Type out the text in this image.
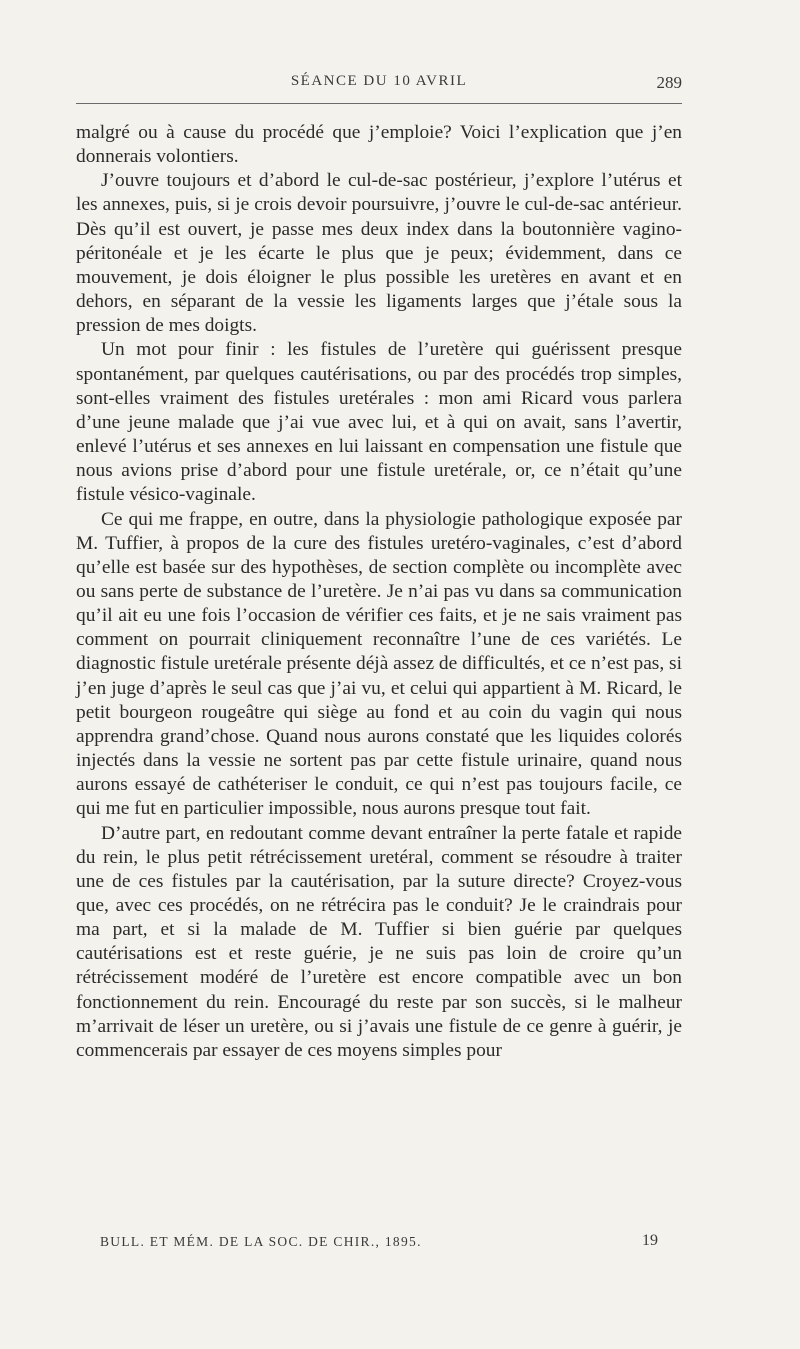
SÉANCE DU 10 AVRIL	289

malgré ou à cause du procédé que j’emploie? Voici l’explication que j’en donnerais volontiers.

J’ouvre toujours et d’abord le cul-de-sac postérieur, j’explore l’utérus et les annexes, puis, si je crois devoir poursuivre, j’ouvre le cul-de-sac antérieur. Dès qu’il est ouvert, je passe mes deux index dans la boutonnière vagino-péritonéale et je les écarte le plus que je peux; évidemment, dans ce mouvement, je dois éloigner le plus possible les uretères en avant et en dehors, en séparant de la vessie les ligaments larges que j’étale sous la pression de mes doigts.

Un mot pour finir : les fistules de l’uretère qui guérissent presque spontanément, par quelques cautérisations, ou par des procédés trop simples, sont-elles vraiment des fistules uretérales : mon ami Ricard vous parlera d’une jeune malade que j’ai vue avec lui, et à qui on avait, sans l’avertir, enlevé l’utérus et ses annexes en lui laissant en compensation une fistule que nous avions prise d’abord pour une fistule uretérale, or, ce n’était qu’une fistule vésico-vaginale.

Ce qui me frappe, en outre, dans la physiologie pathologique exposée par M. Tuffier, à propos de la cure des fistules uretéro-vaginales, c’est d’abord qu’elle est basée sur des hypothèses, de section complète ou incomplète avec ou sans perte de substance de l’uretère. Je n’ai pas vu dans sa communication qu’il ait eu une fois l’occasion de vérifier ces faits, et je ne sais vraiment pas comment on pourrait cliniquement reconnaître l’une de ces variétés. Le diagnostic fistule uretérale présente déjà assez de difficultés, et ce n’est pas, si j’en juge d’après le seul cas que j’ai vu, et celui qui appartient à M. Ricard, le petit bourgeon rougeâtre qui siège au fond et au coin du vagin qui nous apprendra grand’chose. Quand nous aurons constaté que les liquides colorés injectés dans la vessie ne sortent pas par cette fistule urinaire, quand nous aurons essayé de cathéteriser le conduit, ce qui n’est pas toujours facile, ce qui me fut en particulier impossible, nous aurons presque tout fait.

D’autre part, en redoutant comme devant entraîner la perte fatale et rapide du rein, le plus petit rétrécissement uretéral, comment se résoudre à traiter une de ces fistules par la cautérisation, par la suture directe? Croyez-vous que, avec ces procédés, on ne rétrécira pas le conduit? Je le craindrais pour ma part, et si la malade de M. Tuffier si bien guérie par quelques cautérisations est et reste guérie, je ne suis pas loin de croire qu’un rétrécissement modéré de l’uretère est encore compatible avec un bon fonctionnement du rein. Encouragé du reste par son succès, si le malheur m’arrivait de léser un uretère, ou si j’avais une fistule de ce genre à guérir, je commencerais par essayer de ces moyens simples pour

BULL. ET MÉM. DE LA SOC. DE CHIR., 1895.	19
